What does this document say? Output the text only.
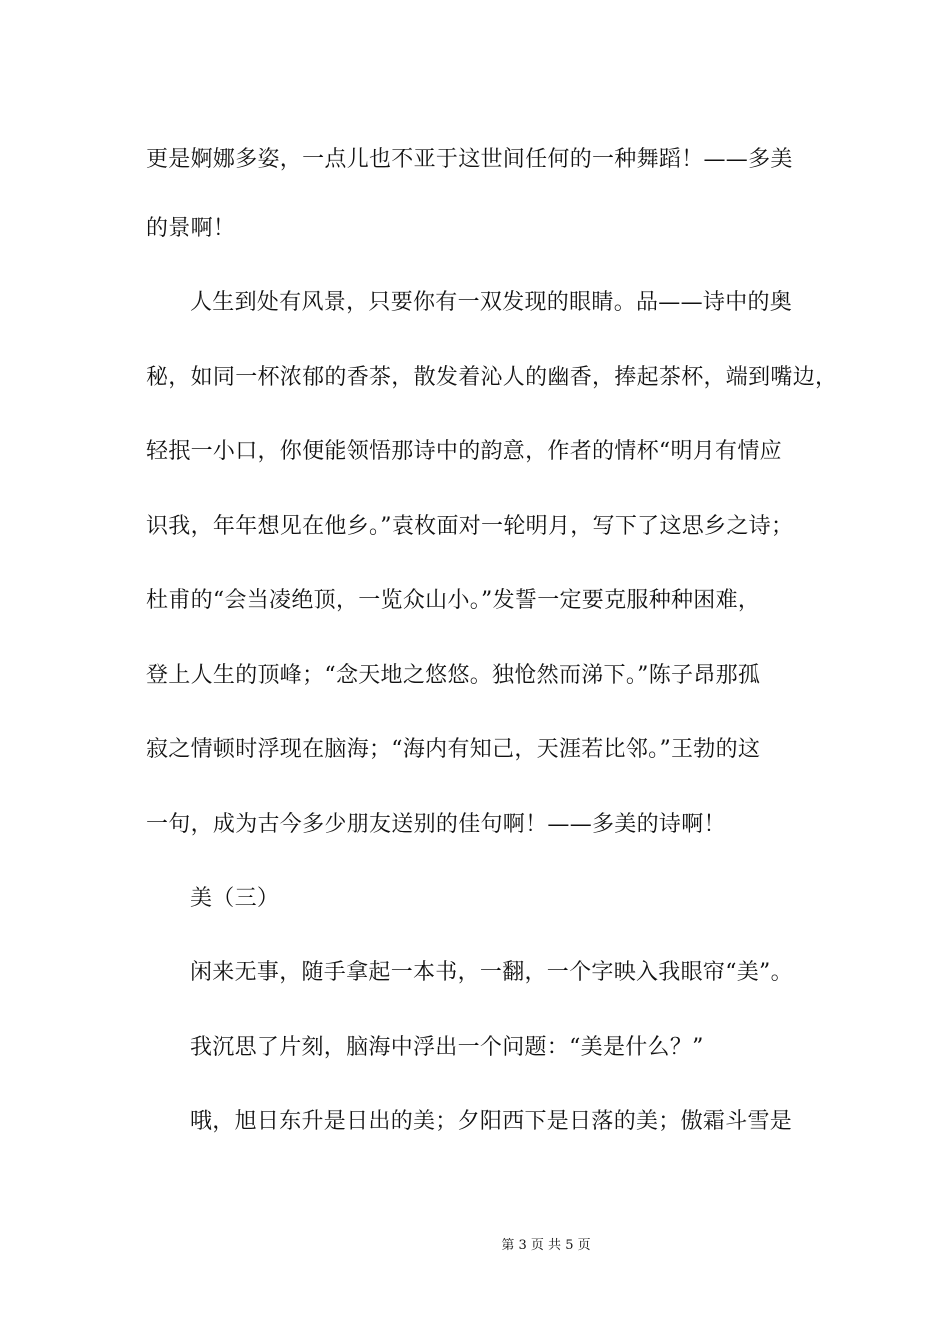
更是婀娜多姿，一点儿也不亚于这世间任何的一种舞蹈！——多美
的景啊！
人生到处有风景，只要你有一双发现的眼睛。品——诗中的奥
秘，如同一杯浓郁的香茶，散发着沁人的幽香，捧起茶杯，端到嘴边，
轻抿一小口，你便能领悟那诗中的韵意，作者的情杯“明月有情应
识我，年年想见在他乡。”袁枚面对一轮明月，写下了这思乡之诗；
杜甫的“会当凌绝顶，一览众山小。”发誓一定要克服种种困难，
登上人生的顶峰；“念天地之悠悠。独怆然而涕下。”陈子昂那孤
寂之情顿时浮现在脑海；“海内有知己，天涯若比邻。”王勃的这
一句，成为古今多少朋友送别的佳句啊！——多美的诗啊！
美（三）
闲来无事，随手拿起一本书，一翻，一个字映入我眼帘“美”。
我沉思了片刻，脑海中浮出一个问题：“美是什么？”
哦，旭日东升是日出的美；夕阳西下是日落的美；傲霜斗雪是
第 3 页 共 5 页
